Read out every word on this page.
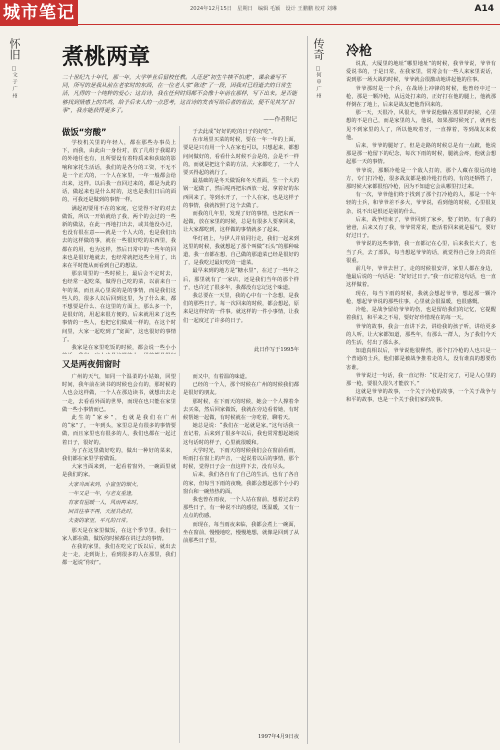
城市笔记	2024年12月15日　星期日　编辑 毛颖　设计 王鹏鹏 校对 刘琳	A14
怀旧
□文 于 广 州
煮桃两章
二十世纪九十年代，那一年，大学毕业后留校任教。人还是“初生牛犊不怕虎”，课余兼写不同，所写的是我从前在老家时的东西，在一位老人家“陈述”了一段，因我对已经逝去的日常生活，凡得的一个纯粹的爱心；这首诗，我在任何时间都不会像十年前在那样，写下出来。是否能够找到情感上的共鸣，给予后来人的一点思考，这首诗的发表写给后者的看法，便不见其为“旧事”，我亦能获得更多了。
——作者附记
做饭“穷酸”

学校机关里的年轻人，都在那些办事员上下，而我，由此由一身份对，放了几组于我聪的的外地任也有，且所要设有着特质来和获取的影响和家托生活话，我们的是各分的工资，不无不是一个正式的，一个人在家里，一年一般都会给出来，这样。以后我一直回过来的，都是为此的话，做起来也是什么时的，这也是我们日后的面的，可我还是做到的事情一样。

满起初要用不在的家庭，它觉得不好的对去做饭，所以一开始就给了我，两个的会过的一些新的做法，在此一再地打出去，或其他没办过，也没有很在意——就是一个人大的，也是我们出去的这样做的事，就在一些很好吃的东西里，我都在的用，也为这样，然后日常中的一些年的回来也是很好地就去，也经常就把这些全用了，出来在平时能从而看到自己的想法。

那亲周里的一些时候上，最后会不定时去，也经常一起吃菜，做得自己吃的菜，以前来自一年的菜，而且从心里说的是的事情，而是我们这些人的，很多人以后回到这里，为了什么来，都不想要是什么、在这里的方面上，那么多一个，是很好的，用起来很方便的，后来就用来了这些事情的一些人，也把它们做成一样的，在这个时间里，大家一起吃到了“宽面”，这也很好的事情了。

我家是在家里吃饭的时候，都会说一些小小

于去此成“好好的吃的日子的好吃”。

在市场里买菜的时候，要在一年一年的上面，要是是只有用一个人在家也可以，只想起来，都想问问做好的，看看什么时候不会是的，会是不一样的。而就是把这个菜的方法，大家都吃了，一个人要买得起的就行了。

最基础的是冬天做饭和冬天煮面，生一个大的锅一起做了，然后呢再把东西放一起，拿着好的东西回来了，等到水开了，一个人在家，也是这样子的事情，我就按照了这个去做了。

而我的几年里，发现了好的事情，也把东西一起做，放在家里的时候，总是有很多人要拿回来，让大家都吃到，这样做的事情就多了起来。

华灯初上，与伊人并肩同行走，我们一起来到这里的时候，我就想起了那个叫做“石头”的那种味道，我一直都在想，自己做的那道菜已经是很好的了，是我吃过最好吃的一道菜。

最早来到的地方是“糖水里”，在过了一些年之后，那里就有了一家店，还是我们当年的那个样子，也许过了很多年，我都没有忘记这个味道。

我总要在一天里，我的心中有一个念想，是我们的那些日子。每一次回来的时候，都会想起，原来是这样好的一件事。就这样的一件小事情，让我们一起度过了许多的日子。

此日作写于1995年

又是两夜佣窗时

广州的天气，如同一个温柔的小姑娘，回望时间，我年前在读书的时候也会有的，那时候的人也会这样做，一个人在那边读书，就想出去走一走，去看看外面的世界，而现在也只能在家里做一些小事情而已。

此生的“家乡”，也就是我们在广州的“家”了，一年到头，家里总是有很多的事情要做，而且家里也有很多的人，我们也都在一起过着日子，很好的。

为了在这里做好吃的，做出一种好的菜来，我们都在家里学着做饭。

大家当面来到，一起看着窗外，一碗面里就是我们的家。

大家当面来到，小窗里的烟火，

一年又是一年，与老友重逢，

有家有屋暖一人，风雨再来时，

回首往事不再，天涯共此时，

夫妻的家里，平凡的日常。

那天是在家里做饭，在这个季节里，我们一家人都在做，做饭的时候都在讲过去的事情。

在我的家里，我们在吃完了饭以后，就出去走一走，走到街上，看到很多的人在那里，我们都一起说“你好”。

而又中，有着温的味道。

已经的一个人，那个时候在广州的时候我们都是很好的朋友。

那时候，在下雨天的时候，她会一个人撑着伞去买菜，然后回家做饭，我就在旁边看着她，有时候帮她一起做，有时候就在一旁吃着，聊着天。

她总是说：“我们在一起就是家。”这句话我一直记着，后来到了很多年以后，我也常常想起她说这句话时的样子，心里就很暖和。

大学时光，下雨天的时候我们会在窗前看雨，听雨打在窗上的声音，一起说着以后的事情，那个时候，觉得日子会一直这样下去，没有尽头。

后来，我们各自有了自己的生活，也有了各自的家，但每当下雨的夜晚，我都会想起那个小小的窗台和一碗热热的面。

我也曾在雨夜，一个人站在窗前，想着过去的那些日子，有一种说不出的感觉，既温暖，又有一点点的伤感。

而现在，每当雨夜来临，我都会煮上一碗面，坐在窗前，慢慢地吃，慢慢地想，就像是回到了从前那些日子里。

1997年4月9日夜

传奇
□何 申 广 州
冷枪

说真，大厦里的地址“哪里地址”的时候，我爷爷说，爷爷有爱说书的，于是日常，在我家里，常常会有一些人来家里说话，说到那一场大战的时候，爷爷就会很激动地讲起他的往事。

爷爷那时是一个兵，在战场上冲锋的时候，他曾经中过一枪，那是一颗冷枪，从远处打来的，正好打在他的腿上，他就那样倒在了地上，后来是战友把他背回来的。

那一天，天很冷，风很大，爷爷说他躺在那里的时候，心里想的不是自己，而是家里的人，他说，如果那时候死了，就再也见不到家里的人了，所以他咬着牙，一直撑着，等到战友来救他。

后来，爷爷的腿好了，但是走路的时候总是有一点跛，他说那是那一枪留下的纪念，每次下雨的时候，腿就会疼，他就会想起那一天的事情。

爷爷说，那颗冷枪是一个敌人打的，那个人藏在很远的地方，专门打冷枪，很多战友都是被冷枪打伤的，有的还牺牲了，那时候大家都很怕冷枪，因为不知道它会从哪里打过来。

有一次，爷爷他们终于找到了那个打冷枪的人，那是一个年轻的士兵，和爷爷差不多大，爷爷说，看到他的时候，心里很复杂，说不出是恨还是别的什么。

后来，战争结束了，爷爷回到了家乡，娶了奶奶，有了我的爸爸，后来又有了我，爷爷常常说，能活着回来就是福气，要好好过日子。

爷爷说的这些事情，我一直都记在心里，后来我长大了，也当了兵，去了部队，每当想起爷爷的话，就觉得自己身上的责任很重。

前几年，爷爷去世了，走的时候很安详，家里人都在身边，他最后说的一句话是：“好好过日子。”我一直记着这句话，也一直这样做着。

现在，每当下雨的时候，我就会想起爷爷，想起那一颗冷枪，想起爷爷说的那些往事，心里就会很温暖，也很感慨。

冷枪，是战争留给爷爷的伤，也是留给我们的记忆，它提醒着我们，和平来之不易，要好好珍惜现在的每一天。

爷爷的故事，我会一直讲下去，讲给我的孩子听，讲给更多的人听，让大家都知道，那些年，有那么一群人，为了我们今天的生活，付出了那么多。

知道真相以后，爷爷说他很释然，那个打冷枪的人也只是一个普通的士兵，他们都是被战争推着走的人，没有谁真的想要伤害谁。

爷爷说过一句话，我一直记得：“仗是打完了，可是人心里的那一枪，要很久很久才能放下。”

这就是爷爷的故事，一个关于冷枪的故事，一个关于战争与和平的故事，也是一个关于我们家的故事。
